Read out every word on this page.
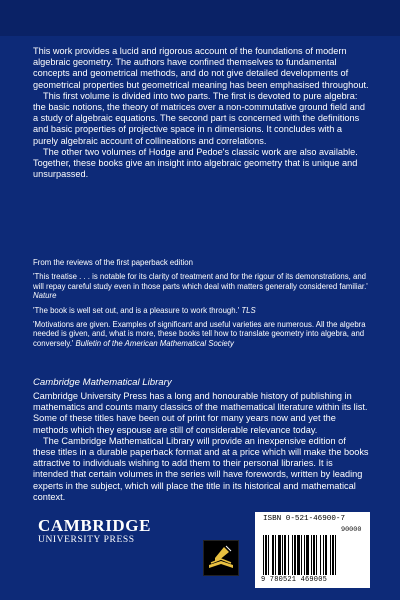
This work provides a lucid and rigorous account of the foundations of modern algebraic geometry. The authors have confined themselves to fundamental concepts and geometrical methods, and do not give detailed developments of geometrical properties but geometrical meaning has been emphasised throughout.

This first volume is divided into two parts. The first is devoted to pure algebra: the basic notions, the theory of matrices over a non-commutative ground field and a study of algebraic equations. The second part is concerned with the definitions and basic properties of projective space in n dimensions. It concludes with a purely algebraic account of collineations and correlations.

The other two volumes of Hodge and Pedoe's classic work are also available. Together, these books give an insight into algebraic geometry that is unique and unsurpassed.

From the reviews of the first paperback edition

'This treatise . . . is notable for its clarity of treatment and for the rigour of its demonstrations, and will repay careful study even in those parts which deal with matters generally considered familiar.' Nature

'The book is well set out, and is a pleasure to work through.' TLS

'Motivations are given. Examples of significant and useful varieties are numerous. All the algebra needed is given, and, what is more, these books tell how to translate geometry into algebra, and conversely.' Bulletin of the American Mathematical Society

Cambridge Mathematical Library

Cambridge University Press has a long and honourable history of publishing in mathematics and counts many classics of the mathematical literature within its list. Some of these titles have been out of print for many years now and yet the methods which they espouse are still of considerable relevance today.

The Cambridge Mathematical Library will provide an inexpensive edition of these titles in a durable paperback format and at a price which will make the books attractive to individuals wishing to add them to their personal libraries. It is intended that certain volumes in the series will have forewords, written by leading experts in the subject, which will place the title in its historical and mathematical context.

CAMBRIDGE
UNIVERSITY PRESS
ISBN 0-521-46900-7
90000
9 780521 469005
